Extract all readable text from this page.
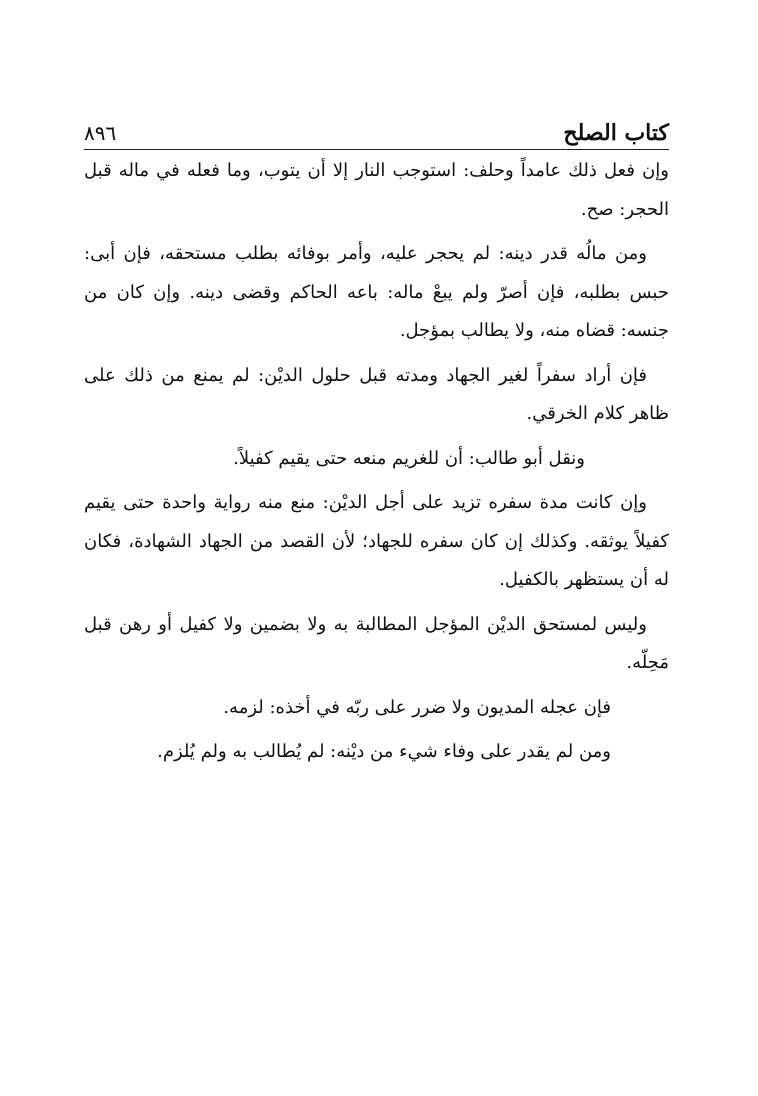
كتاب الصلح
٨٩٦

وإن فعل ذلك عامداً وحلف: استوجب النار إلا أن يتوب، وما فعله في ماله قبل الحجر: صح.

ومن مالُه قدر دينه: لم يحجر عليه، وأمر بوفائه بطلب مستحقه، فإن أبى: حبس بطلبه، فإن أصرّ ولم يبعْ ماله: باعه الحاكم وقضى دينه. وإن كان من جنسه: قضاه منه، ولا يطالب بمؤجل.

فإن أراد سفراً لغير الجهاد ومدته قبل حلول الديْن: لم يمنع من ذلك على ظاهر كلام الخرقي.

ونقل أبو طالب: أن للغريم منعه حتى يقيم كفيلاً.

وإن كانت مدة سفره تزيد على أجل الديْن: منع منه رواية واحدة حتى يقيم كفيلاً يوثقه. وكذلك إن كان سفره للجهاد؛ لأن القصد من الجهاد الشهادة، فكان له أن يستظهر بالكفيل.

وليس لمستحق الديْن المؤجل المطالبة به ولا بضمين ولا كفيل أو رهن قبل مَحِلّه.

فإن عجله المديون ولا ضرر على ربّه في أخذه: لزمه.

ومن لم يقدر على وفاء شيء من ديْنه: لم يُطالب به ولم يُلزم.
